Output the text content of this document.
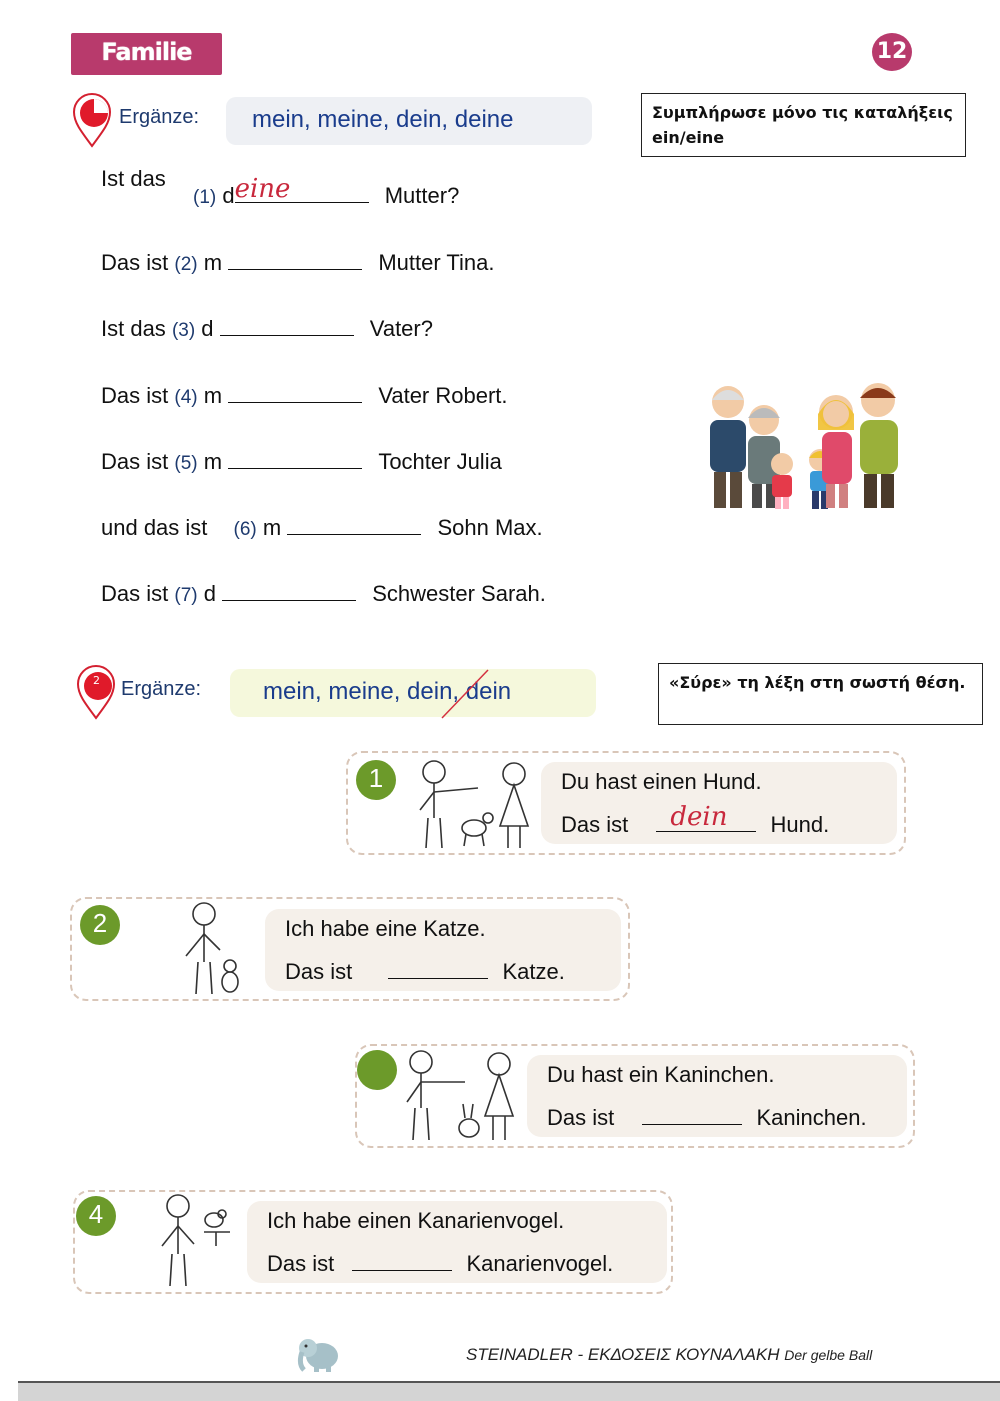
Familie	12
Ergänze:	mein, meine, dein, deine	Συμπλήρωσε μόνο τις καταλήξεις ein/eine
Ist das
(1) d eine	Mutter?
Das ist (2) m	Mutter Tina.
Ist das (3) d	Vater?
Das ist (4) m	Vater Robert.
Das ist (5) m	Tochter Julia
und das ist (6) m	Sohn Max.
Das ist (7) d	Schwester Sarah.
2 Ergänze:	mein, meine, dein, dein	«Σύρε» τη λέξη στη σωστή θέση.
1	Du hast einen Hund.
Das ist dein Hund.
2	Ich habe eine Katze.
Das ist	Katze.
Du hast ein Kaninchen.
Das ist	Kaninchen.
4	Ich habe einen Kanarienvogel.
Das ist	Kanarienvogel.
STEINADLER - ΕΚΔΟΣΕΙΣ ΚΟΥΝΑΛΑΚΗ Der gelbe Ball
